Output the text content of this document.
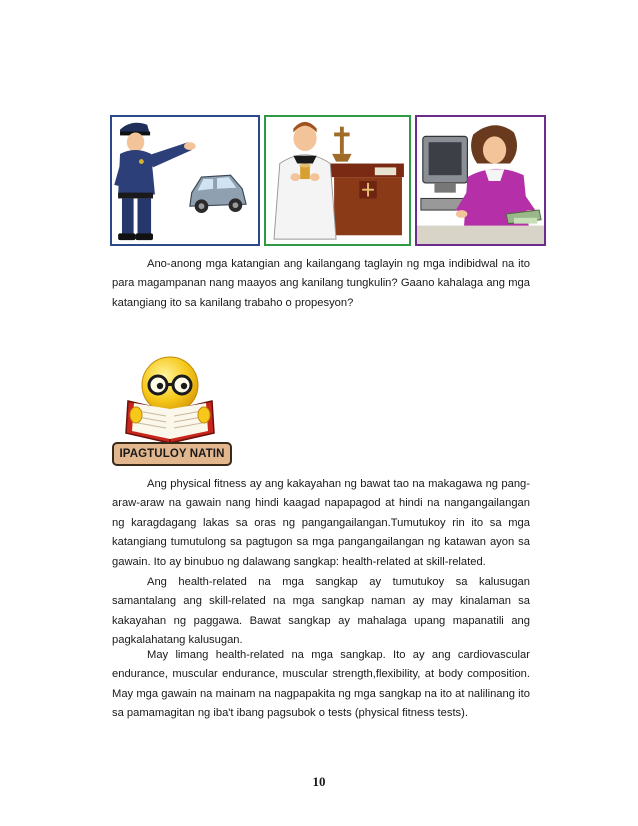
Ano-anong mga katangian ang kailangang taglayin ng mga indibidwal na ito para magampanan nang maayos ang kanilang tungkulin? Gaano kahalaga ang mga katangiang ito sa kanilang trabaho o propesyon?

IPAGTULOY NATIN

Ang physical fitness ay ang kakayahan ng bawat tao na makagawa ng pang-araw-araw na gawain nang hindi kaagad napapagod at hindi na nangangailangan ng karagdagang lakas sa oras ng pangangailangan.Tumutukoy rin ito sa mga katangiang tumutulong sa pagtugon sa mga pangangailangan ng katawan ayon sa gawain. Ito ay binubuo ng dalawang sangkap: health-related at skill-related.

Ang health-related na mga sangkap ay tumutukoy sa kalusugan samantalang ang skill-related na mga sangkap naman ay may kinalaman sa kakayahan ng paggawa. Bawat sangkap ay mahalaga upang mapanatili ang pagkalahatang kalusugan.

May limang health-related na mga sangkap. Ito ay ang cardiovascular endurance, muscular endurance, muscular strength,flexibility, at body composition. May mga gawain na mainam na nagpapakita ng mga sangkap na ito at nalilinang ito sa pamamagitan ng iba't ibang pagsubok o tests (physical fitness tests).

10
